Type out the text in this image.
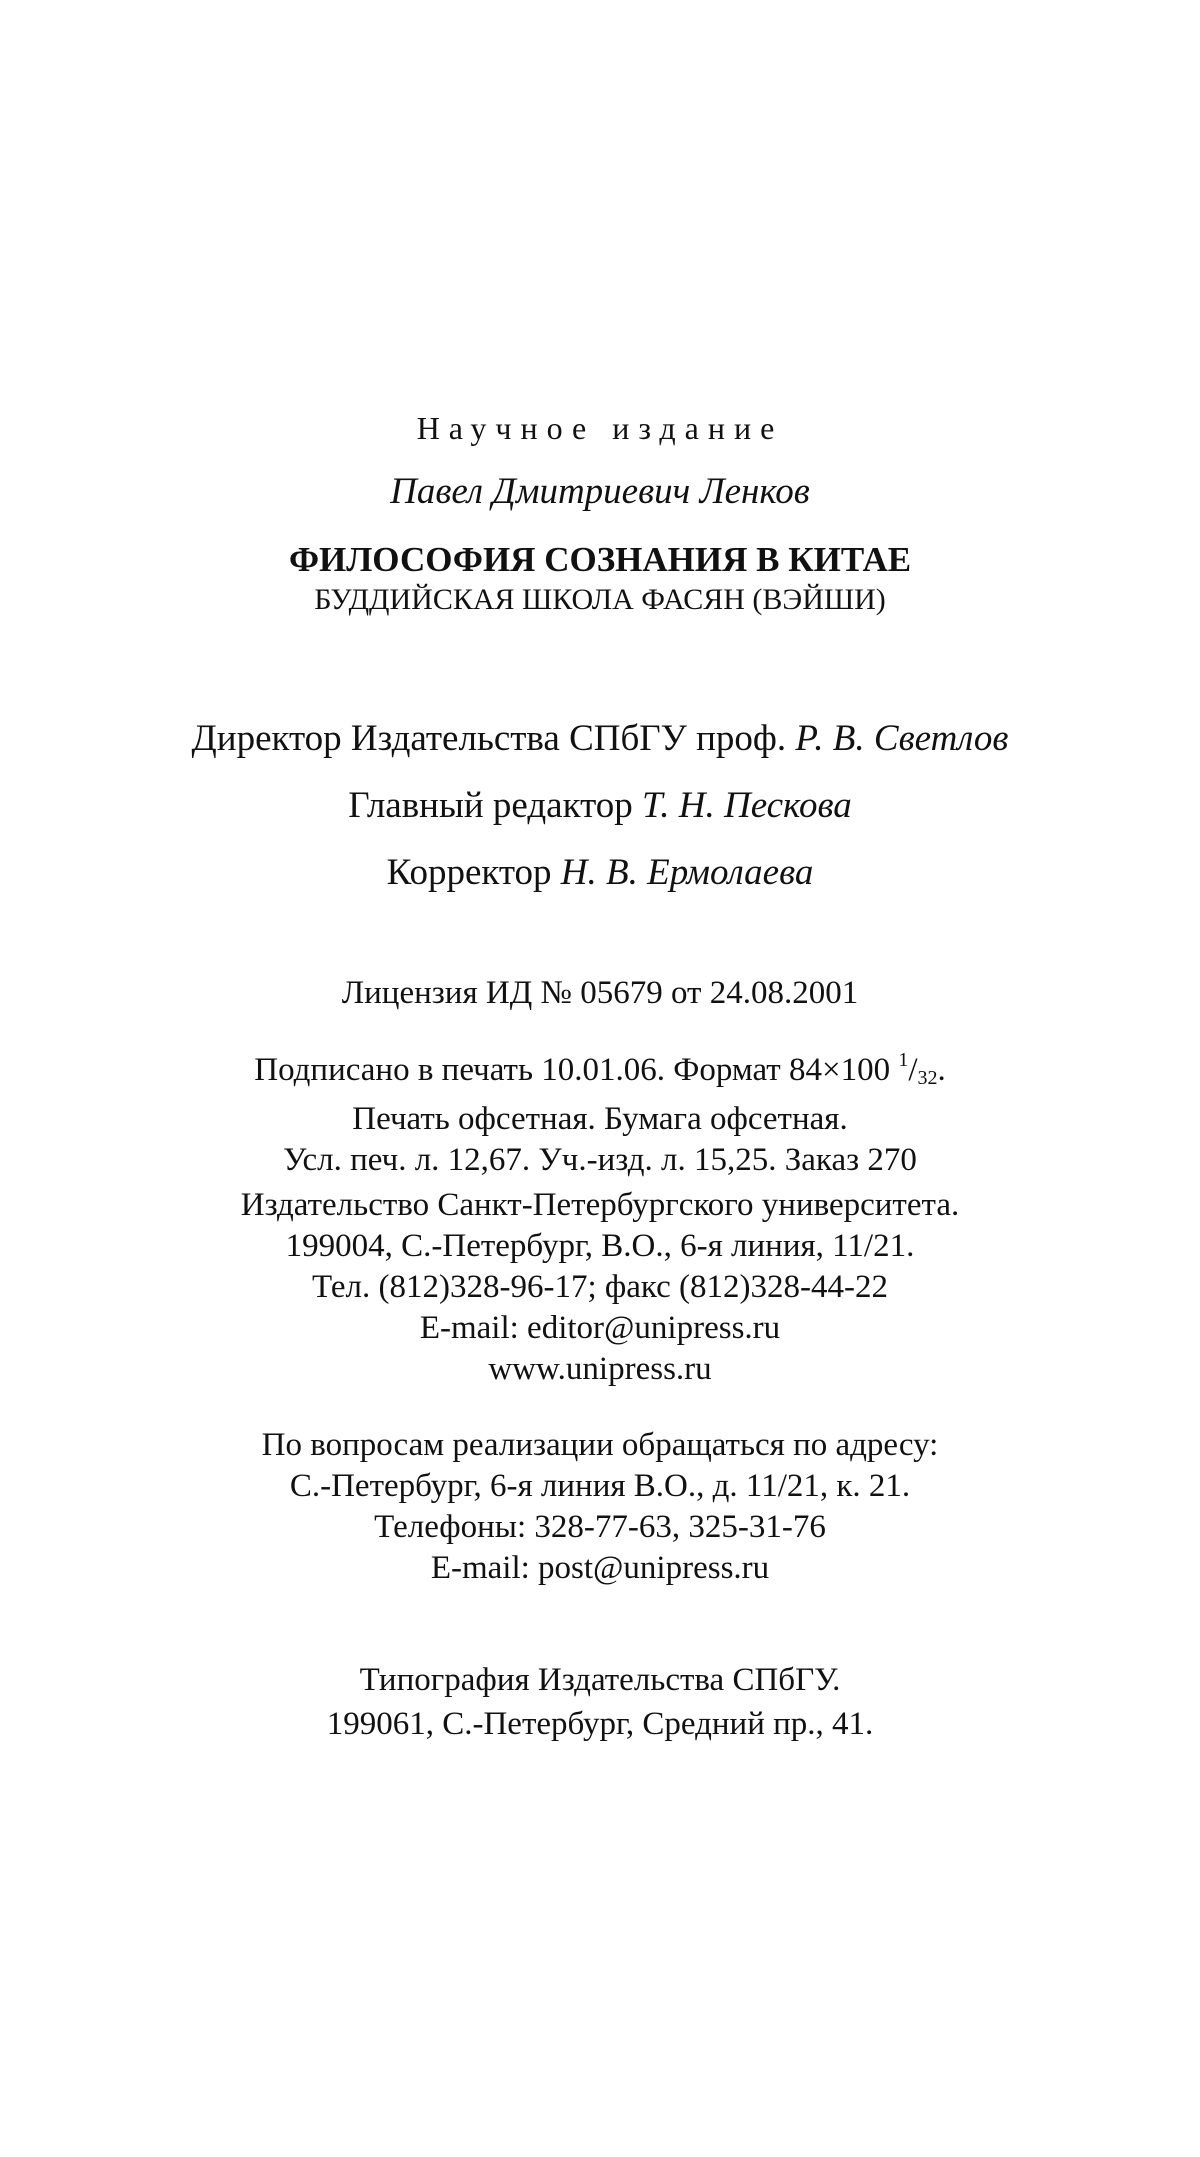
Научное издание
Павел Дмитриевич Ленков
ФИЛОСОФИЯ СОЗНАНИЯ В КИТАЕ
БУДДИЙСКАЯ ШКОЛА ФАСЯН (ВЭЙШИ)
Директор Издательства СПбГУ проф. Р. В. Светлов
Главный редактор Т. Н. Пескова
Корректор Н. В. Ермолаева
Лицензия ИД № 05679 от 24.08.2001
Подписано в печать 10.01.06. Формат 84×100 $^1$/32.
Печать офсетная. Бумага офсетная.
Усл. печ. л. 12,67. Уч.-изд. л. 15,25. Заказ 270
Издательство Санкт-Петербургского университета.
199004, С.-Петербург, В.О., 6-я линия, 11/21.
Тел. (812)328-96-17; факс (812)328-44-22
E-mail: editor@unipress.ru
www.unipress.ru
По вопросам реализации обращаться по адресу:
С.-Петербург, 6-я линия В.О., д. 11/21, к. 21.
Телефоны: 328-77-63, 325-31-76
E-mail: post@unipress.ru
Типография Издательства СПбГУ.
199061, С.-Петербург, Средний пр., 41.
